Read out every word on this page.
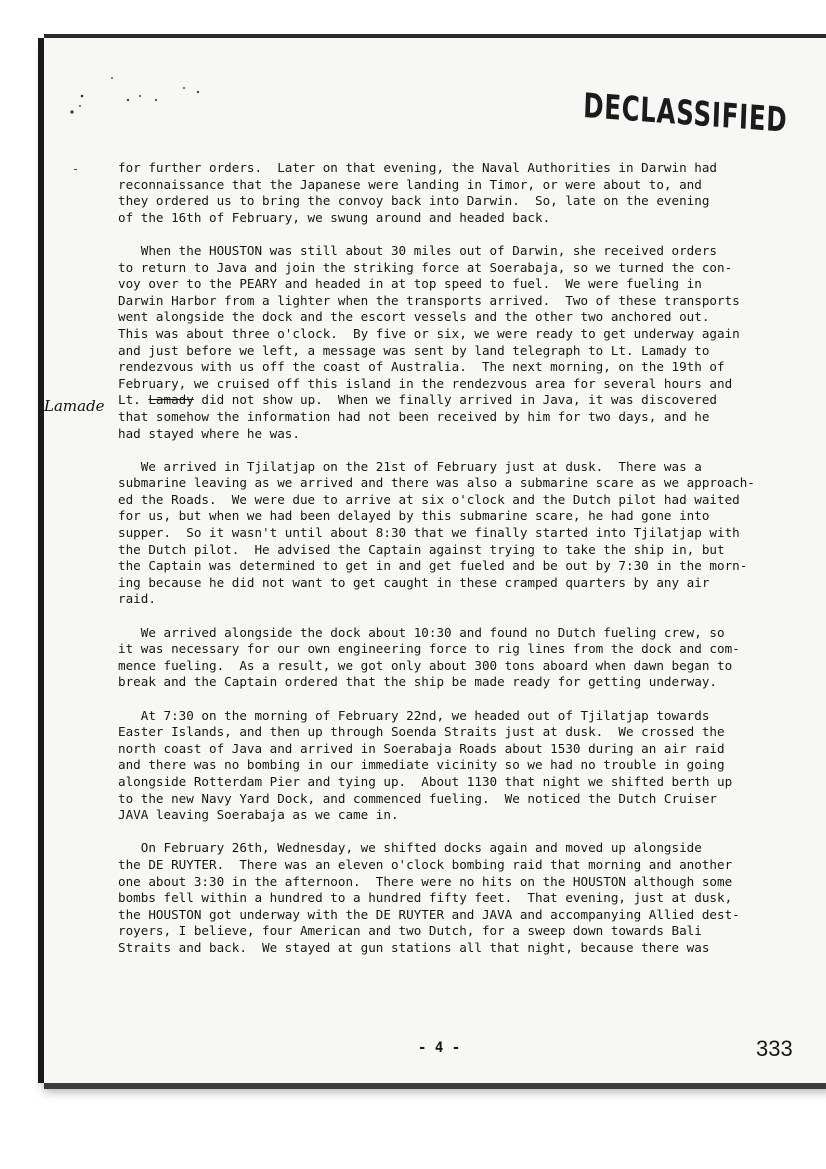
DECLASSIFIED
-
Lamade
for further orders.  Later on that evening, the Naval Authorities in Darwin had
reconnaissance that the Japanese were landing in Timor, or were about to, and
they ordered us to bring the convoy back into Darwin.  So, late on the evening
of the 16th of February, we swung around and headed back.
When the HOUSTON was still about 30 miles out of Darwin, she received orders
to return to Java and join the striking force at Soerabaja, so we turned the con-
voy over to the PEARY and headed in at top speed to fuel.  We were fueling in
Darwin Harbor from a lighter when the transports arrived.  Two of these transports
went alongside the dock and the escort vessels and the other two anchored out.
This was about three o'clock.  By five or six, we were ready to get underway again
and just before we left, a message was sent by land telegraph to Lt. Lamady to
rendezvous with us off the coast of Australia.  The next morning, on the 19th of
February, we cruised off this island in the rendezvous area for several hours and
Lt. Lamady did not show up.  When we finally arrived in Java, it was discovered
that somehow the information had not been received by him for two days, and he
had stayed where he was.
We arrived in Tjilatjap on the 21st of February just at dusk.  There was a
submarine leaving as we arrived and there was also a submarine scare as we approach-
ed the Roads.  We were due to arrive at six o'clock and the Dutch pilot had waited
for us, but when we had been delayed by this submarine scare, he had gone into
supper.  So it wasn't until about 8:30 that we finally started into Tjilatjap with
the Dutch pilot.  He advised the Captain against trying to take the ship in, but
the Captain was determined to get in and get fueled and be out by 7:30 in the morn-
ing because he did not want to get caught in these cramped quarters by any air
raid.
We arrived alongside the dock about 10:30 and found no Dutch fueling crew, so
it was necessary for our own engineering force to rig lines from the dock and com-
mence fueling.  As a result, we got only about 300 tons aboard when dawn began to
break and the Captain ordered that the ship be made ready for getting underway.
At 7:30 on the morning of February 22nd, we headed out of Tjilatjap towards
Easter Islands, and then up through Soenda Straits just at dusk.  We crossed the
north coast of Java and arrived in Soerabaja Roads about 1530 during an air raid
and there was no bombing in our immediate vicinity so we had no trouble in going
alongside Rotterdam Pier and tying up.  About 1130 that night we shifted berth up
to the new Navy Yard Dock, and commenced fueling.  We noticed the Dutch Cruiser
JAVA leaving Soerabaja as we came in.
On February 26th, Wednesday, we shifted docks again and moved up alongside
the DE RUYTER.  There was an eleven o'clock bombing raid that morning and another
one about 3:30 in the afternoon.  There were no hits on the HOUSTON although some
bombs fell within a hundred to a hundred fifty feet.  That evening, just at dusk,
the HOUSTON got underway with the DE RUYTER and JAVA and accompanying Allied dest-
royers, I believe, four American and two Dutch, for a sweep down towards Bali
Straits and back.  We stayed at gun stations all that night, because there was
- 4 -	333
